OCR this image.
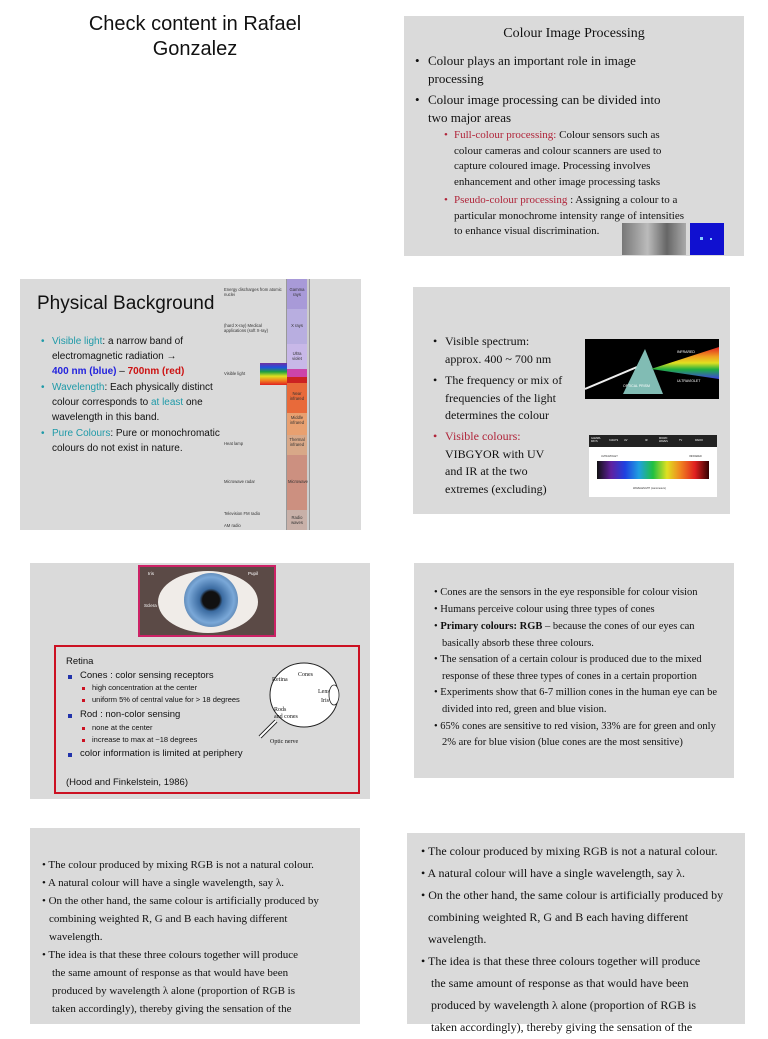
Check content in Rafael
Gonzalez
Colour Image Processing
• Colour plays an important role in image
processing
• Colour image processing can be divided into
two major areas
• Full-colour processing: Colour sensors such as
colour cameras and colour scanners are used to
capture coloured image. Processing involves
enhancement and other image processing tasks
• Pseudo-colour processing : Assigning a colour to a
particular monochrome intensity range of intensities
to enhance visual discrimination.
Physical Background
• Visible light: a narrow band of
electromagnetic radiation →
400 nm (blue) – 700nm (red)
• Wavelength: Each physically distinct
colour corresponds to at least one
wavelength in this band.
• Pure Colours: Pure or monochromatic
colours do not exist in nature.
Energy discharges from atomic nuclei
(hard X-ray) Medical applications (soft X-ray)
Visible light
Heat lamp
Microwave radar
Television FM radio
AM radio
Gamma rays
X rays
Ultra violet
Near infrared
Middle infrared
Thermal infrared
Microwave
Radio waves
• Visible spectrum:
approx. 400 ~ 700 nm
• The frequency or mix of
frequencies of the light
determines the colour
• Visible colours:
VIBGYOR with UV
and IR at the two
extremes (excluding)
INFRARED
OPTICAL PRISM
ULTRAVIOLET
GAMMA RAYS	X-RAYS UV	IR
MICRO WAVES	TV	RADIO
ULTRAVIOLET	INFRARED
WAVELENGTH (nanometers)
Iris	Pupil
Sclera
Retina
Cones : color sensing receptors
high concentration at the center
uniform 5% of central value for > 18 degrees
Rod : non-color sensing
none at the center
increase to max at ~18 degrees
color information is limited at periphery
(Hood and Finkelstein, 1986)
Retina
Cones
Lens
Iris
Rods
and cones
Optic nerve

• Cones are the sensors in the eye responsible for colour vision

• Humans perceive colour using three types of cones

• Primary colours: RGB – because the cones of our eyes can

basically absorb these three colours.

• The sensation of a certain colour is produced due to the mixed

response of these three types of cones in a certain proportion

• Experiments show that 6-7 million cones in the human eye can be

divided into red, green and blue vision.

• 65% cones are sensitive to red vision, 33% are for green and only

2% are for blue vision (blue cones are the most sensitive)

• The colour produced by mixing RGB is not a natural colour.
• A natural colour will have a single wavelength, say λ.
• On the other hand, the same colour is artificially produced by
combining weighted R, G and B each having different
wavelength.
• The idea is that these three colours together will produce
the same amount of response as that would have been
produced by wavelength λ alone (proportion of RGB is
taken accordingly), thereby giving the sensation of the
• The colour produced by mixing RGB is not a natural colour.
• A natural colour will have a single wavelength, say λ.
• On the other hand, the same colour is artificially produced by
combining weighted R, G and B each having different
wavelength.
• The idea is that these three colours together will produce
the same amount of response as that would have been
produced by wavelength λ alone (proportion of RGB is
taken accordingly), thereby giving the sensation of the
